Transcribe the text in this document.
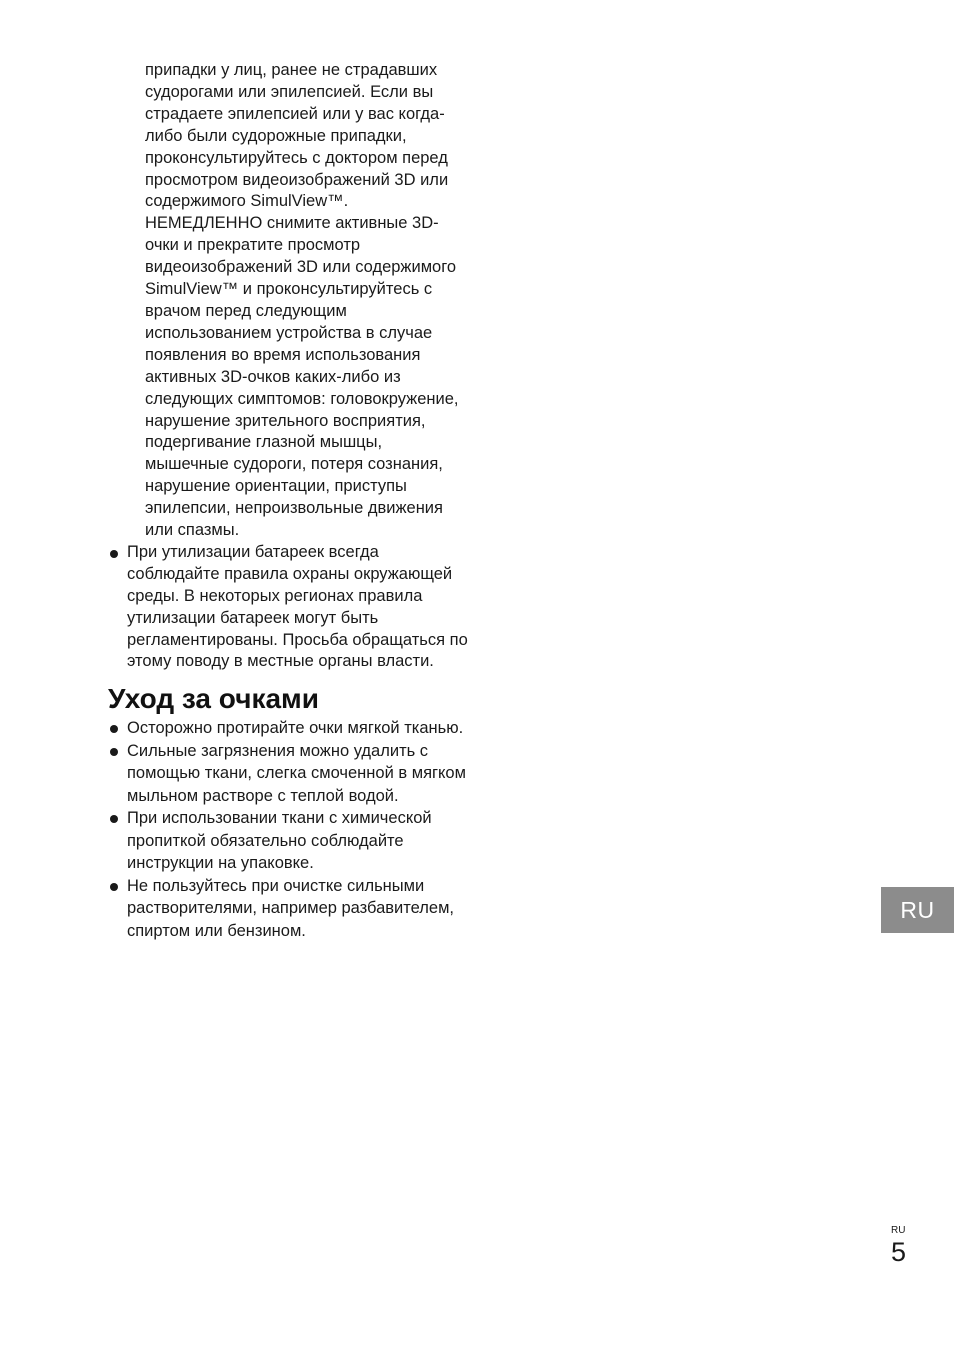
припадки у лиц, ранее не страдавших судорогами или эпилепсией. Если вы страдаете эпилепсией или у вас когда-либо были судорожные припадки, проконсультируйтесь с доктором перед просмотром видеоизображений 3D или содержимого SimulView™.

НЕМЕДЛЕННО снимите активные 3D-очки и прекратите просмотр видеоизображений 3D или содержимого SimulView™ и проконсультируйтесь с врачом перед следующим использованием устройства в случае появления во время использования активных 3D-очков каких-либо из следующих симптомов: головокружение, нарушение зрительного восприятия, подергивание глазной мышцы, мышечные судороги, потеря сознания, нарушение ориентации, приступы эпилепсии, непроизвольные движения или спазмы.

При утилизации батареек всегда соблюдайте правила охраны окружающей среды. В некоторых регионах правила утилизации батареек могут быть регламентированы. Просьба обращаться по этому поводу в местные органы власти.
Уход за очками
Осторожно протирайте очки мягкой тканью.
Сильные загрязнения можно удалить с помощью ткани, слегка смоченной в мягком мыльном растворе с теплой водой.
При использовании ткани с химической пропиткой обязательно соблюдайте инструкции на упаковке.
Не пользуйтесь при очистке сильными растворителями, например разбавителем, спиртом или бензином.
RU
RU
5
